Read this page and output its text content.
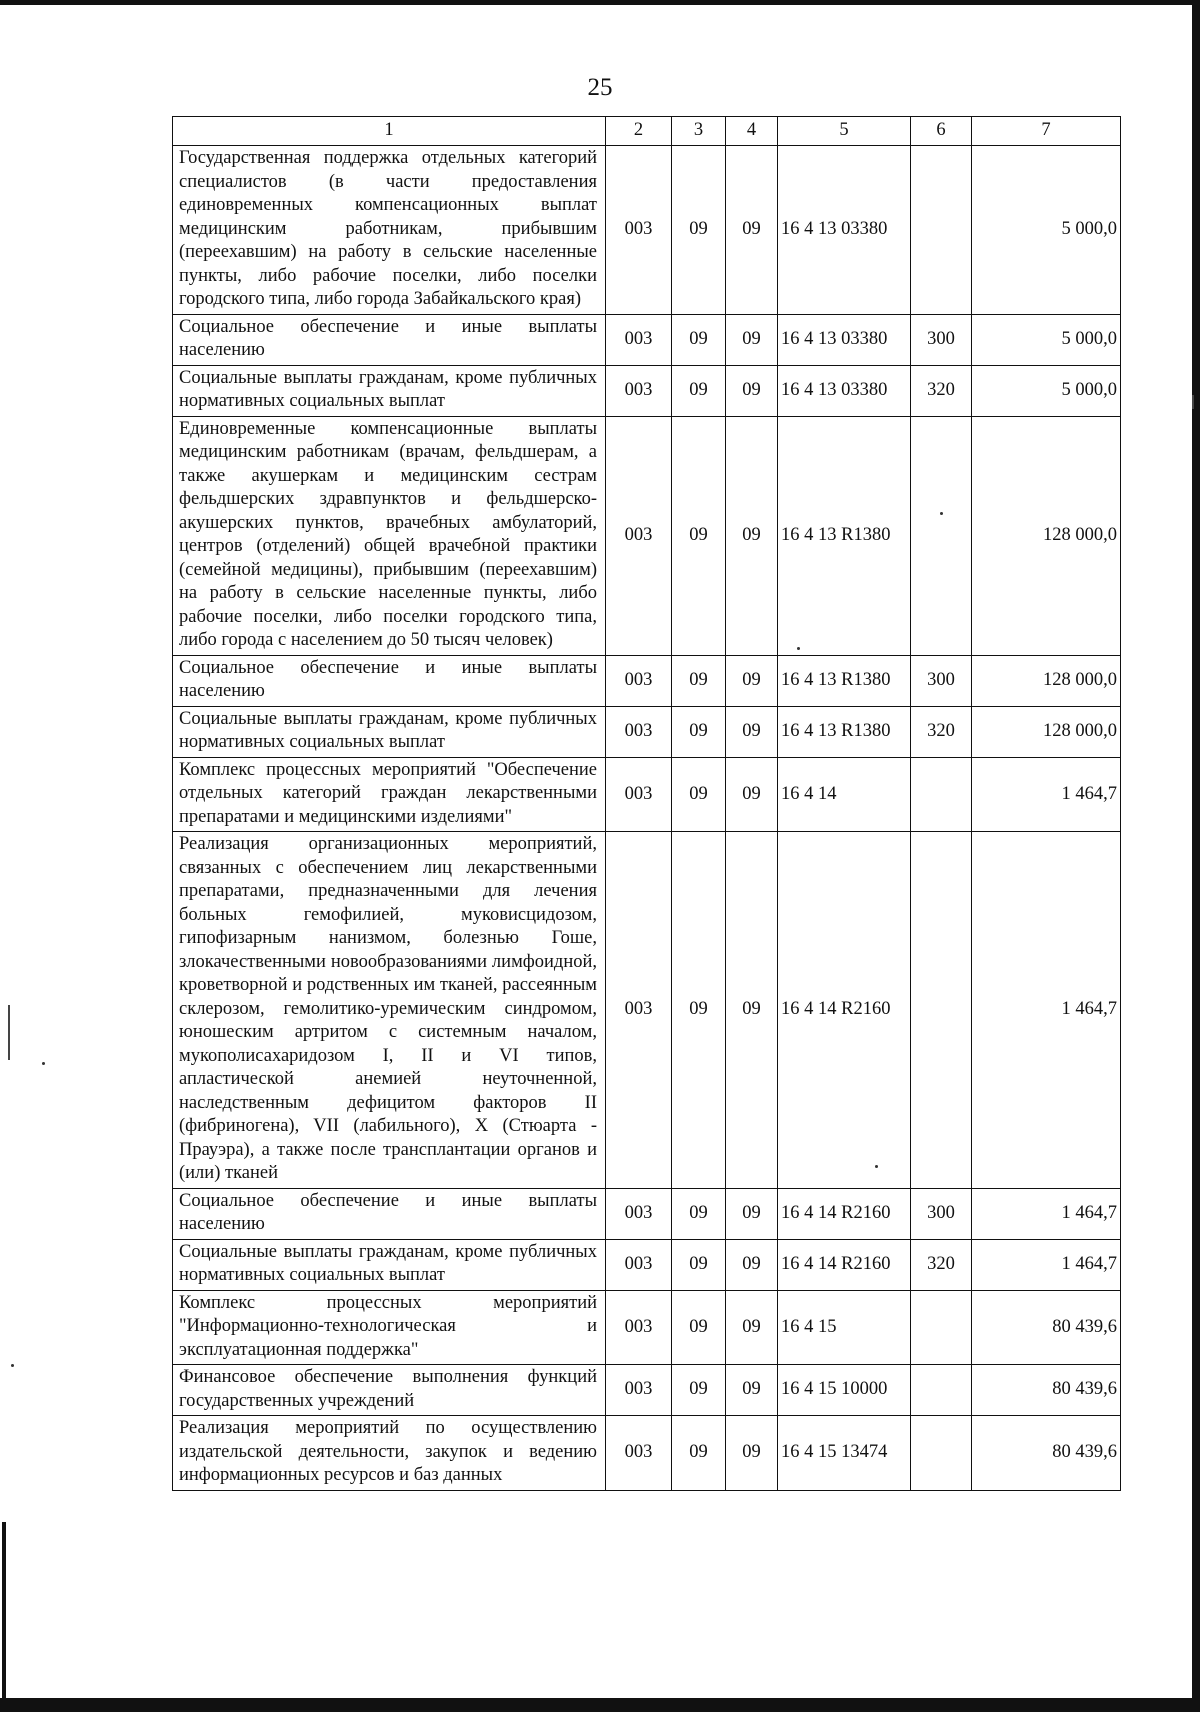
25
1	2	3	4	5	6	7
Государственная поддержка отдельных категорий специалистов (в части предоставления единовременных компенсационных выплат медицинским работникам, прибывшим (переехавшим) на работу в сельские населенные пункты, либо рабочие поселки, либо поселки городского типа, либо города Забайкальского края)	003	09	09	16 4 13 03380		5 000,0
Социальное обеспечение и иные выплаты населению	003	09	09	16 4 13 03380	300	5 000,0
Социальные выплаты гражданам, кроме публичных нормативных социальных выплат	003	09	09	16 4 13 03380	320	5 000,0
Единовременные компенсационные выплаты медицинским работникам (врачам, фельдшерам, а также акушеркам и медицинским сестрам фельдшерских здравпунктов и фельдшерско-акушерских пунктов, врачебных амбулаторий, центров (отделений) общей врачебной практики (семейной медицины), прибывшим (переехавшим) на работу в сельские населенные пункты, либо рабочие поселки, либо поселки городского типа, либо города с населением до 50 тысяч человек)	003	09	09	16 4 13 R1380		128 000,0
Социальное обеспечение и иные выплаты населению	003	09	09	16 4 13 R1380	300	128 000,0
Социальные выплаты гражданам, кроме публичных нормативных социальных выплат	003	09	09	16 4 13 R1380	320	128 000,0
Комплекс процессных мероприятий "Обеспечение отдельных категорий граждан лекарственными препаратами и медицинскими изделиями"	003	09	09	16 4 14		1 464,7
Реализация организационных мероприятий, связанных с обеспечением лиц лекарственными препаратами, предназначенными для лечения больных гемофилией, муковисцидозом, гипофизарным нанизмом, болезнью Гоше, злокачественными новообразованиями лимфоидной, кроветворной и родственных им тканей, рассеянным склерозом, гемолитико-уремическим синдромом, юношеским артритом с системным началом, мукополисахаридозом I, II и VI типов, апластической анемией неуточненной, наследственным дефицитом факторов II (фибриногена), VII (лабильного), X (Стюарта - Прауэра), а также после трансплантации органов и (или) тканей	003	09	09	16 4 14 R2160		1 464,7
Социальное обеспечение и иные выплаты населению	003	09	09	16 4 14 R2160	300	1 464,7
Социальные выплаты гражданам, кроме публичных нормативных социальных выплат	003	09	09	16 4 14 R2160	320	1 464,7
Комплекс процессных мероприятий "Информационно-технологическая и эксплуатационная поддержка"	003	09	09	16 4 15		80 439,6
Финансовое обеспечение выполнения функций государственных учреждений	003	09	09	16 4 15 10000		80 439,6
Реализация мероприятий по осуществлению издательской деятельности, закупок и ведению информационных ресурсов и баз данных	003	09	09	16 4 15 13474		80 439,6
